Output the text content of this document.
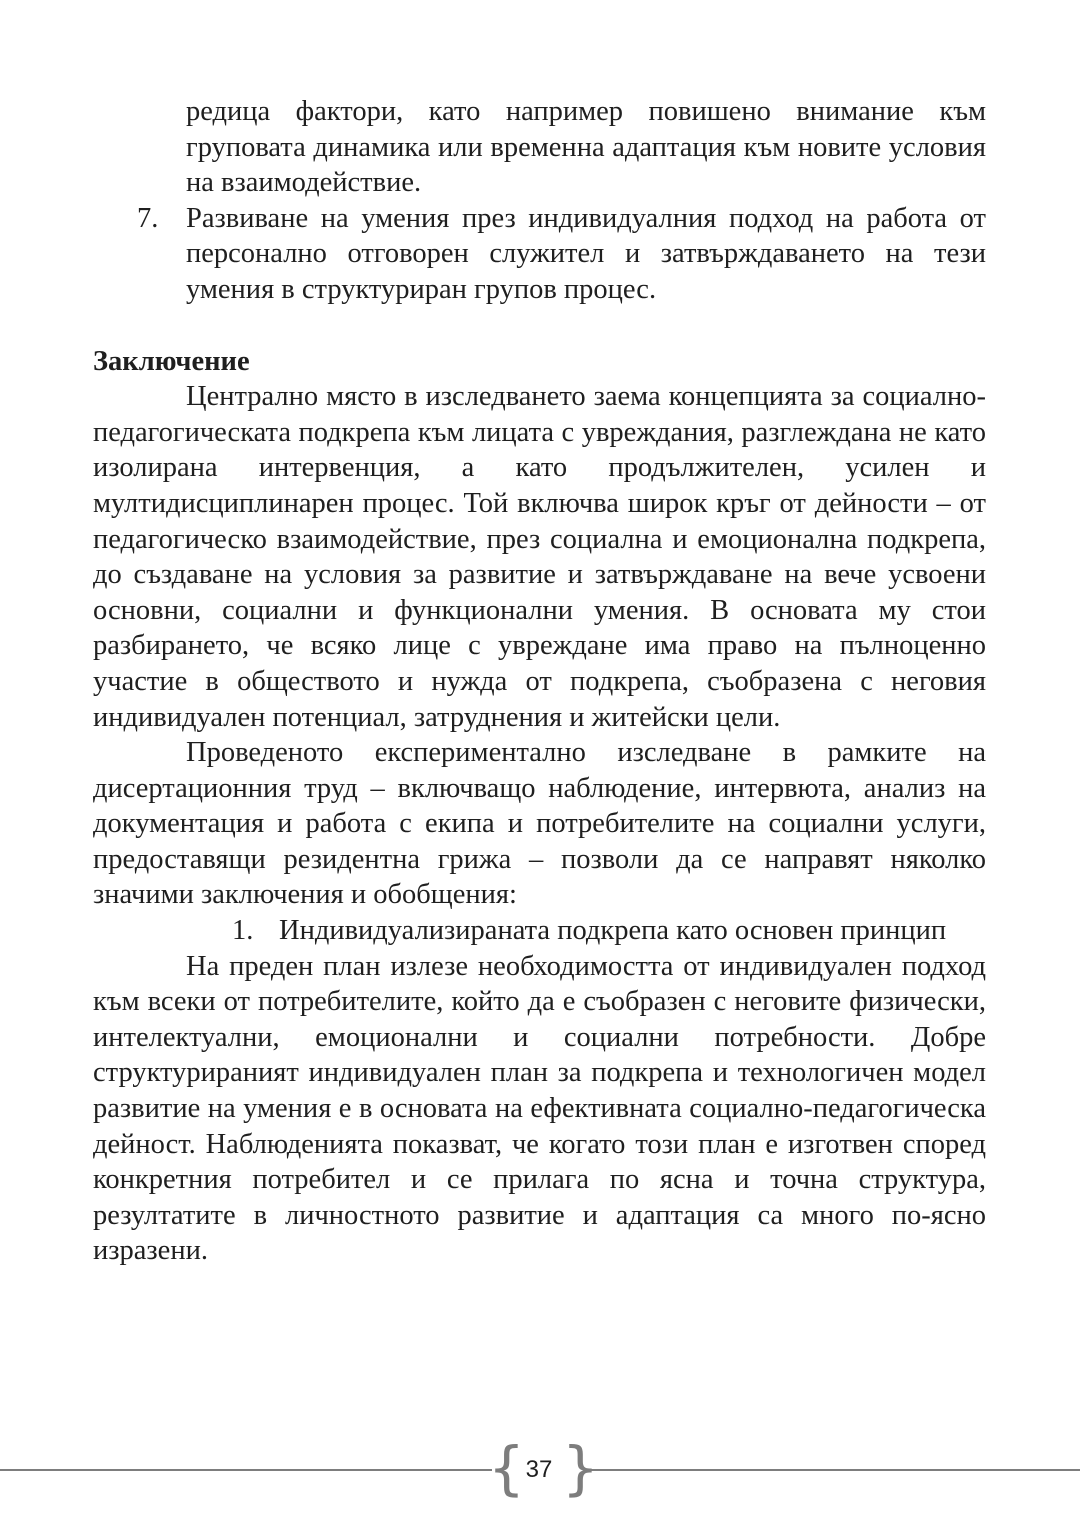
редица фактори, като например повишено внимание към груповата динамика или временна адаптация към новите условия на взаимодействие.

7. Развиване на умения през индивидуалния подход на работа от персонално отговорен служител и затвърждаването на тези умения в структуриран групов процес.

Заключение

Централно място в изследването заема концепцията за социално-педагогическата подкрепа към лицата с увреждания, разглеждана не като изолирана интервенция, а като продължителен, усилен и мултидисциплинарен процес. Той включва широк кръг от дейности – от педагогическо взаимодействие, през социална и емоционална подкрепа, до създаване на условия за развитие и затвърждаване на вече усвоени основни, социални и функционални умения. В основата му стои разбирането, че всяко лице с увреждане има право на пълноценно участие в обществото и нужда от подкрепа, съобразена с неговия индивидуален потенциал, затруднения и житейски цели.

Проведеното експериментално изследване в рамките на дисертационния труд – включващо наблюдение, интервюта, анализ на документация и работа с екипа и потребителите на социални услуги, предоставящи резидентна грижа – позволи да се направят няколко значими заключения и обобщения:

1. Индивидуализираната подкрепа като основен принцип

На преден план излезе необходимостта от индивидуален подход към всеки от потребителите, който да е съобразен с неговите физически, интелектуални, емоционални и социални потребности. Добре структурираният индивидуален план за подкрепа и технологичен модел развитие на умения е в основата на ефективната социално-педагогическа дейност. Наблюденията показват, че когато този план е изготвен според конкретния потребител и се прилага по ясна и точна структура, резултатите в личностното развитие и адаптация са много по-ясно изразени.

{ 37 }
